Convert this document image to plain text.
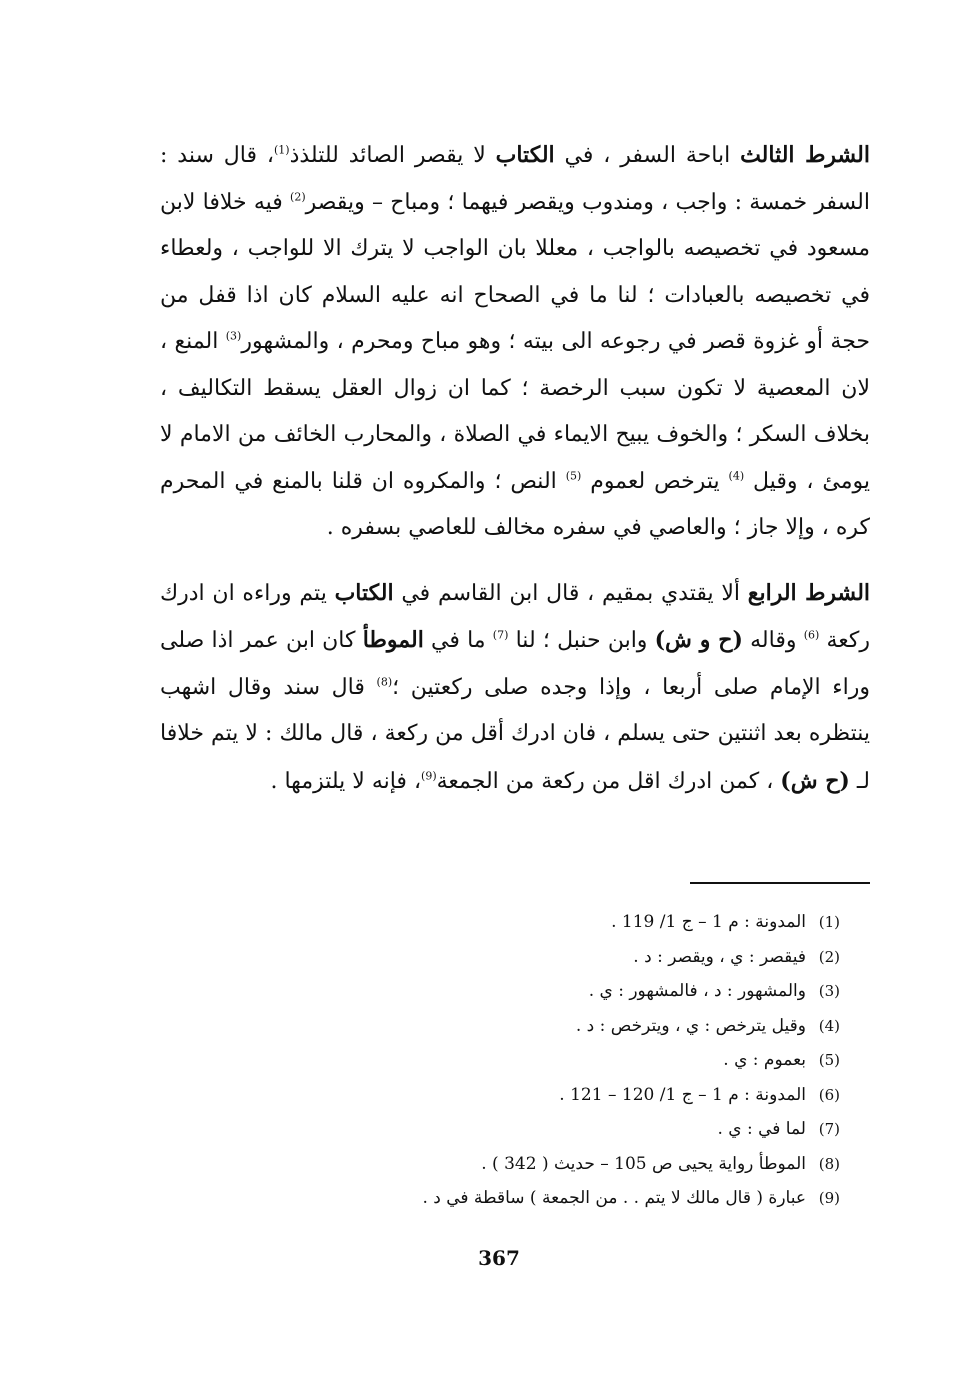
الشرط الثالث اباحة السفر ، في الكتاب لا يقصر الصائد للتلذذ$^{(1)}$، قال سند : السفر خمسة : واجب ، ومندوب ويقصر فيهما ؛ ومباح – ويقصر$^{(2)}$ فيه خلافا لابن مسعود في تخصيصه بالواجب ، معللا بان الواجب لا يترك الا للواجب ، ولعطاء في تخصيصه بالعبادات ؛ لنا ما في الصحاح انه عليه السلام كان اذا قفل من حجة أو غزوة قصر في رجوعه الى بيته ؛ وهو مباح ومحرم ، والمشهور$^{(3)}$ المنع ، لان المعصية لا تكون سبب الرخصة ؛ كما ان زوال العقل يسقط التكاليف ، بخلاف السكر ؛ والخوف يبيح الايماء في الصلاة ، والمحارب الخائف من الامام لا يومئ ، وقيل $^{(4)}$ يترخص لعموم $^{(5)}$ النص ؛ والمكروه ان قلنا بالمنع في المحرم كره ، وإلا جاز ؛ والعاصي في سفره مخالف للعاصي بسفره .

الشرط الرابع ألا يقتدي بمقيم ، قال ابن القاسم في الكتاب يتم وراءه ان ادرك ركعة $^{(6)}$ وقاله (ح و ش) وابن حنبل ؛ لنا $^{(7)}$ ما في الموطأ كان ابن عمر اذا صلى وراء الإمام صلى أربعا ، وإذا وجده صلى ركعتين ؛$^{(8)}$ قال سند وقال اشهب ينتظره بعد اثنتين حتى يسلم ، فان ادرك أقل من ركعة ، قال مالك : لا يتم خلافا لـ (ح ش) ، كمن ادرك اقل من ركعة من الجمعة$^{(9)}$، فإنه لا يلتزمها .

(1)المدونة : م 1 – ج 1/ 119 .
(2)فيقصر : ي ، ويقصر : د .
(3)والمشهور : د ، فالمشهور : ي .
(4)وقيل يترخص : ي ، ويترخص : د .
(5)بعموم : ي .
(6)المدونة : م 1 – ج 1/ 120 – 121 .
(7)لما في : ي .
(8)الموطأ رواية يحيى ص 105 – حديث ( 342 ) .
(9)عبارة ( قال مالك لا يتم . . من الجمعة ) ساقطة في د .
367
